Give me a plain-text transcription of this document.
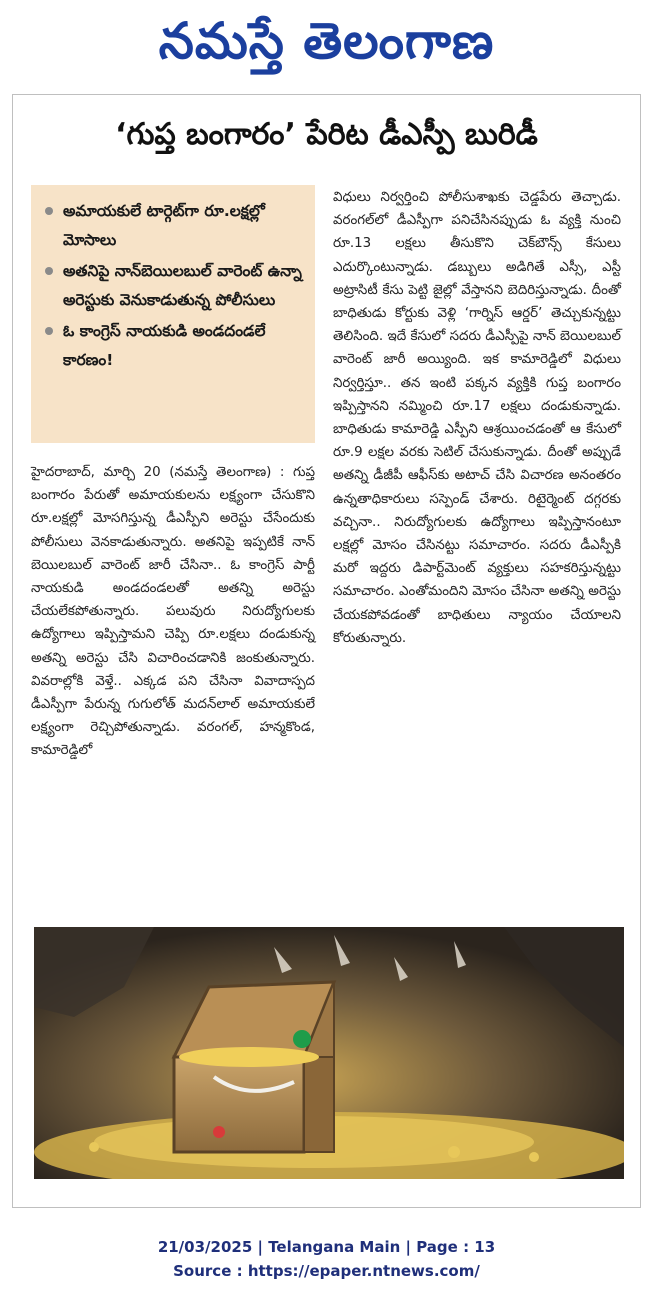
నమస్తే తెలంగాణ
‘గుప్త బంగారం’ పేరిట డీఎస్పీ బురిడీ
అమాయకులే టార్గెట్‌గా రూ.లక్షల్లో మోసాలు
అతనిపై నాన్‌బెయిలబుల్ వారెంట్ ఉన్నా అరెస్టుకు వెనుకాడుతున్న పోలీసులు
ఓ కాంగ్రెస్ నాయకుడి అండదండలే కారణం!

హైదరాబాద్, మార్చి 20 (నమస్తే తెలంగాణ) : గుప్త బంగారం పేరుతో అమాయకులను లక్ష్యంగా చేసుకొని రూ.లక్షల్లో మోసగిస్తున్న డీఎస్పీని అరెస్టు చేసేందుకు పోలీసులు వెనకాడుతున్నారు. అతనిపై ఇప్పటికే నాన్ బెయిలబుల్ వారెంట్ జారీ చేసినా.. ఓ కాంగ్రెస్ పార్టీ నాయకుడి అండదండలతో అతన్ని అరెస్టు చేయలేకపోతున్నారు. పలువురు నిరుద్యోగులకు ఉద్యోగాలు ఇప్పిస్తామని చెప్పి రూ.లక్షలు దండుకున్న అతన్ని అరెస్టు చేసి విచారించడానికి జంకుతున్నారు. వివరాల్లోకి వెళ్తే.. ఎక్కడ పని చేసినా వివాదాస్పద డీఎస్పీగా పేరున్న గుగులోత్ మదన్‌లాల్ అమాయకులే లక్ష్యంగా రెచ్చిపోతున్నాడు. వరంగల్, హన్మకొండ, కామారెడ్డిలో

విధులు నిర్వర్తించి పోలీసుశాఖకు చెడ్డపేరు తెచ్చాడు. వరంగల్‌లో డీఎస్పీగా పనిచేసినప్పుడు ఓ వ్యక్తి నుంచి రూ.13 లక్షలు తీసుకొని చెక్‌బౌన్స్ కేసులు ఎదుర్కొంటున్నాడు. డబ్బులు అడిగితే ఎస్సీ, ఎస్టీ అట్రాసిటీ కేసు పెట్టి జైల్లో వేస్తానని బెదిరిస్తున్నాడు. దీంతో బాధితుడు కోర్టుకు వెళ్లి ‘గార్నిస్ ఆర్డర్’ తెచ్చుకున్నట్టు తెలిసింది. ఇదే కేసులో సదరు డీఎస్పీపై నాన్ బెయిలబుల్ వారెంట్ జారీ అయ్యింది. ఇక కామారెడ్డిలో విధులు నిర్వర్తిస్తూ.. తన ఇంటి పక్కన వ్యక్తికి గుప్త బంగారం ఇప్పిస్తానని నమ్మించి రూ.17 లక్షలు దండుకున్నాడు. బాధితుడు కామారెడ్డి ఎస్పీని ఆశ్రయించడంతో ఆ కేసులో రూ.9 లక్షల వరకు సెటిల్ చేసుకున్నాడు. దీంతో అప్పుడే అతన్ని డీజీపీ ఆఫీస్‌కు అటాచ్ చేసి విచారణ అనంతరం ఉన్నతాధికారులు సస్పెండ్ చేశారు. రిటైర్మెంట్ దగ్గరకు వచ్చినా.. నిరుద్యోగులకు ఉద్యోగాలు ఇప్పిస్తానంటూ లక్షల్లో మోసం చేసినట్టు సమాచారం. సదరు డీఎస్పీకి మరో ఇద్దరు డిపార్ట్‌మెంట్ వ్యక్తులు సహకరిస్తున్నట్టు సమాచారం. ఎంతోమందిని మోసం చేసినా అతన్ని అరెస్టు చేయకపోవడంతో బాధితులు న్యాయం చేయాలని కోరుతున్నారు.

21/03/2025 | Telangana Main | Page : 13
Source : https://epaper.ntnews.com/
